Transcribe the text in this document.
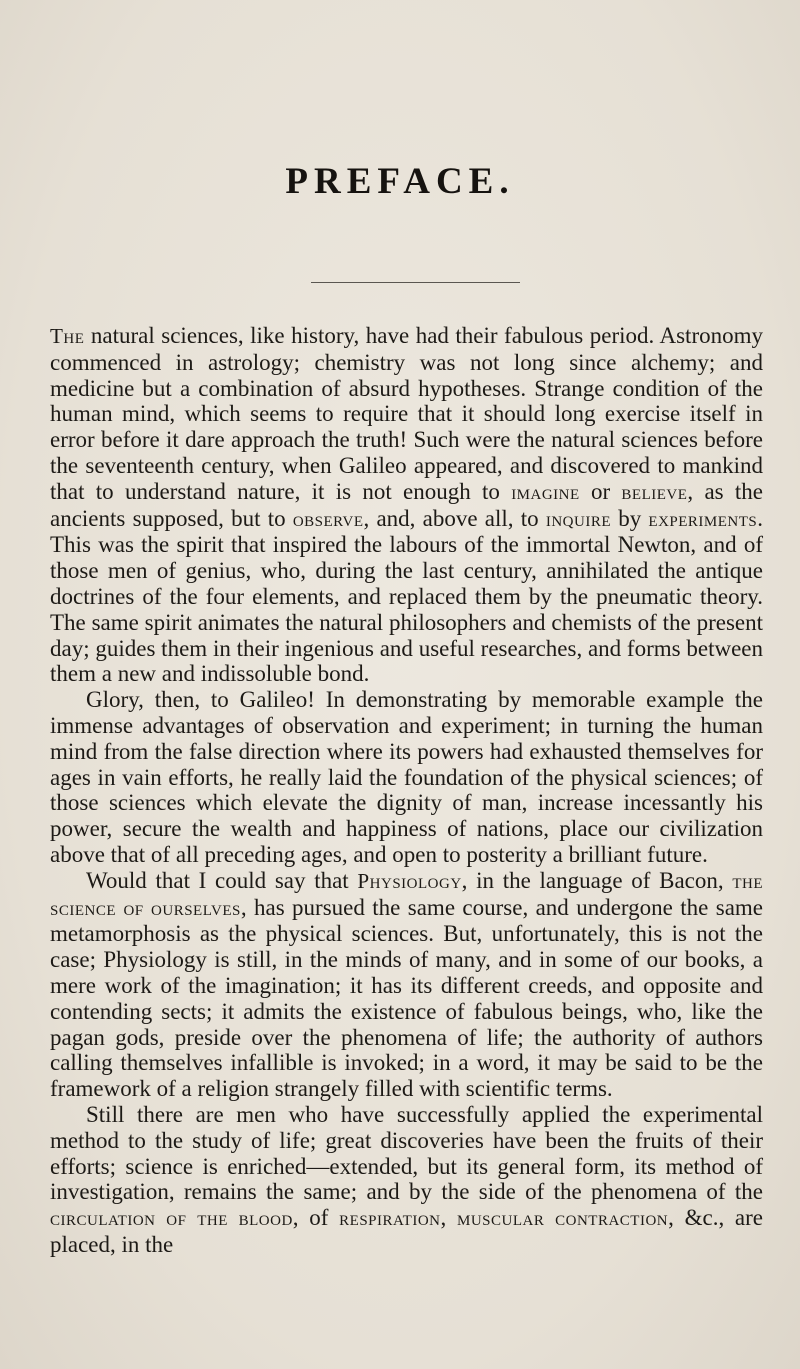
PREFACE.

The natural sciences, like history, have had their fabulous period. Astronomy commenced in astrology; chemistry was not long since alchemy; and medicine but a combination of absurd hypotheses. Strange condition of the human mind, which seems to require that it should long exercise itself in error before it dare approach the truth! Such were the natural sciences before the seventeenth century, when Galileo appeared, and discovered to mankind that to understand nature, it is not enough to imagine or believe, as the ancients supposed, but to observe, and, above all, to inquire by experiments. This was the spirit that inspired the labours of the immortal Newton, and of those men of genius, who, during the last century, annihilated the antique doctrines of the four elements, and replaced them by the pneumatic theory. The same spirit animates the natural philosophers and chemists of the present day; guides them in their ingenious and useful researches, and forms between them a new and indissoluble bond.

Glory, then, to Galileo! In demonstrating by memorable example the immense advantages of observation and experiment; in turning the human mind from the false direction where its powers had exhausted themselves for ages in vain efforts, he really laid the foundation of the physical sciences; of those sciences which elevate the dignity of man, increase incessantly his power, secure the wealth and happiness of nations, place our civilization above that of all preceding ages, and open to posterity a brilliant future.

Would that I could say that Physiology, in the language of Bacon, the science of ourselves, has pursued the same course, and undergone the same metamorphosis as the physical sciences. But, unfortunately, this is not the case; Physiology is still, in the minds of many, and in some of our books, a mere work of the imagination; it has its different creeds, and opposite and contending sects; it admits the existence of fabulous beings, who, like the pagan gods, preside over the phenomena of life; the authority of authors calling themselves infallible is invoked; in a word, it may be said to be the framework of a religion strangely filled with scientific terms.

Still there are men who have successfully applied the experimental method to the study of life; great discoveries have been the fruits of their efforts; science is enriched—extended, but its general form, its method of investigation, remains the same; and by the side of the phenomena of the circulation of the blood, of respiration, muscular contraction, &c., are placed, in the
